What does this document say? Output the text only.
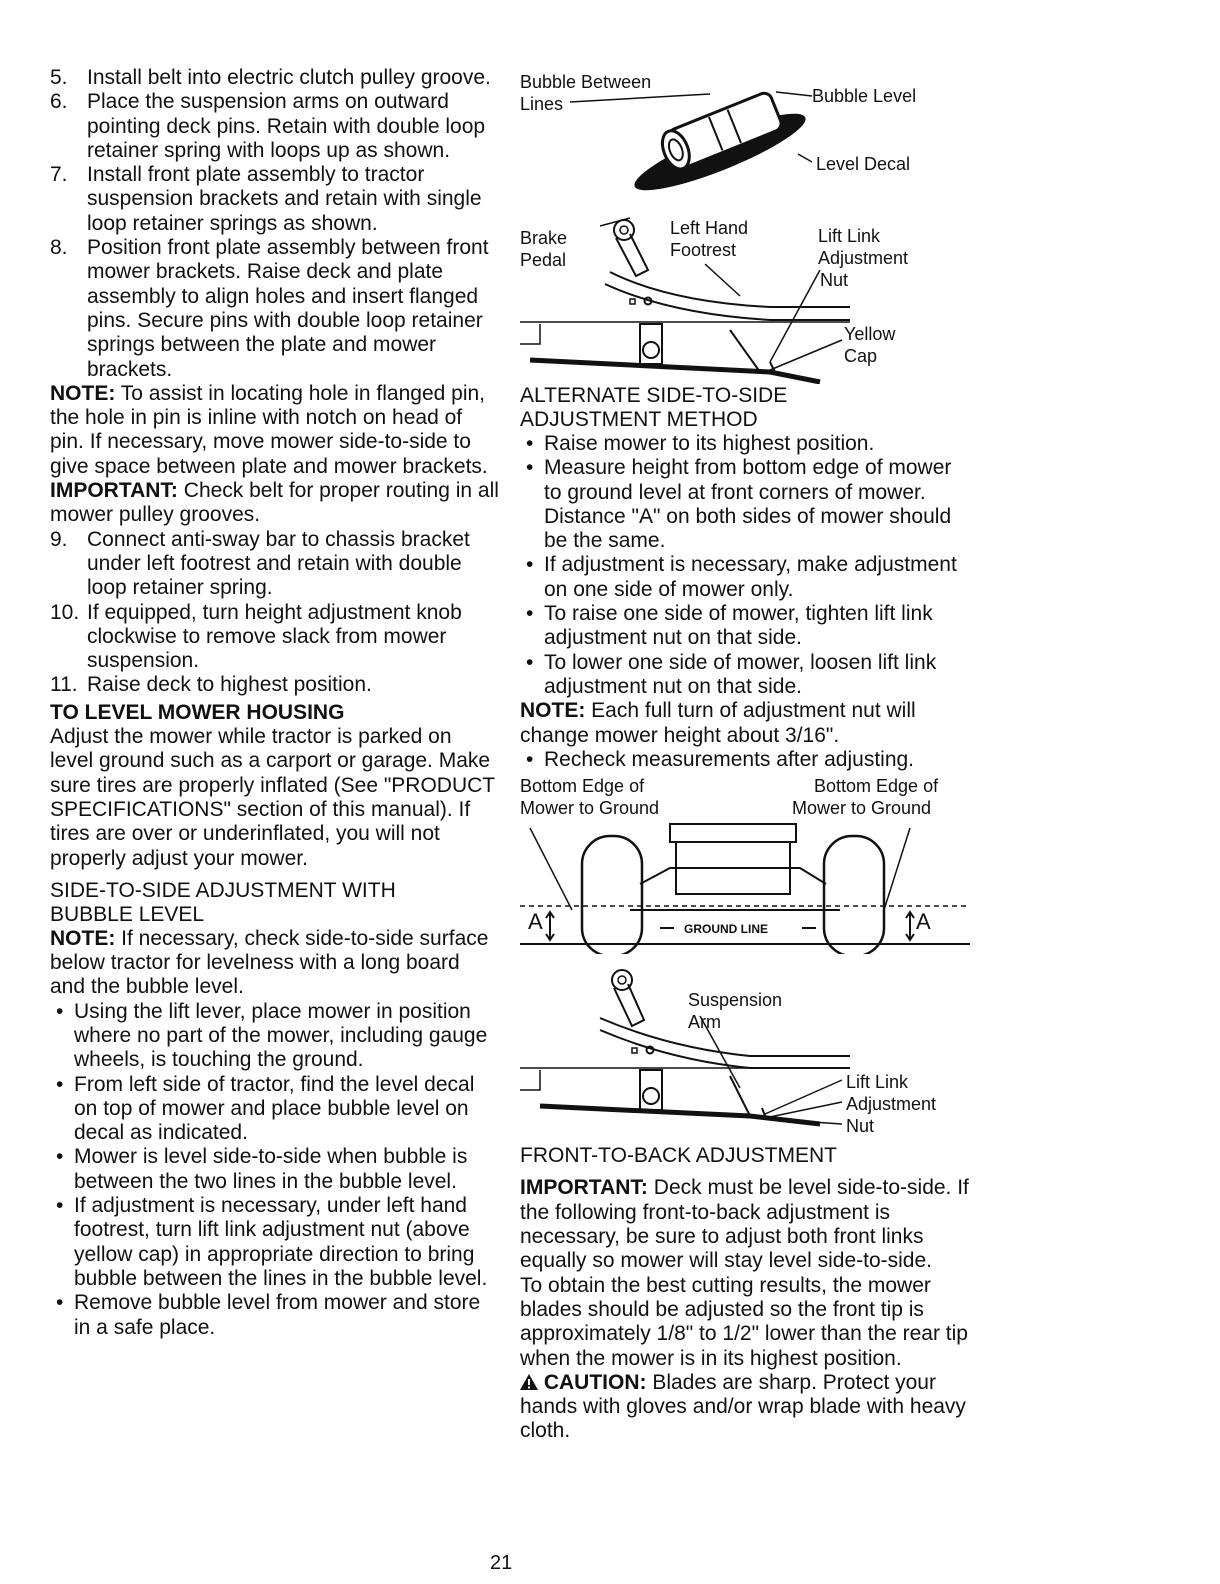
5. Install belt into electric clutch pulley groove.
6. Place the suspension arms on outward pointing deck pins. Retain with double loop retainer spring with loops up as shown.
7. Install front plate assembly to tractor suspension brackets and retain with single loop retainer springs as shown.
8. Position front plate assembly between front mower brackets. Raise deck and plate assembly to align holes and insert flanged pins. Secure pins with double loop retainer springs between the plate and mower brackets.

NOTE: To assist in locating hole in flanged pin, the hole in pin is inline with notch on head of pin. If necessary, move mower side-to-side to give space between plate and mower brackets.

IMPORTANT: Check belt for proper routing in all mower pulley grooves.

9. Connect anti-sway bar to chassis bracket under left footrest and retain with double loop retainer spring.
10. If equipped, turn height adjustment knob clockwise to remove slack from mower suspension.
11. Raise deck to highest position.
TO LEVEL MOWER HOUSING

Adjust the mower while tractor is parked on level ground such as a carport or garage. Make sure tires are properly inflated (See "PRODUCT SPECIFICATIONS" section of this manual). If tires are over or underinflated, you will not properly adjust your mower.

SIDE-TO-SIDE ADJUSTMENT WITH
BUBBLE LEVEL

NOTE: If necessary, check side-to-side surface below tractor for levelness with a long board and the bubble level.

• Using the lift lever, place mower in position where no part of the mower, including gauge wheels, is touching the ground.
• From left side of tractor, find the level decal on top of mower and place bubble level on decal as indicated.
• Mower is level side-to-side when bubble is between the two lines in the bubble level.
• If adjustment is necessary, under left hand footrest, turn lift link adjustment nut (above yellow cap) in appropriate direction to bring bubble between the lines in the bubble level.
• Remove bubble level from mower and store in a safe place.
Bubble Between
Lines	Bubble Level
Level Decal
Brake
Pedal
Left Hand
Footrest
Lift Link
Adjustment
Nut
Yellow
Cap
ALTERNATE SIDE-TO-SIDE
ADJUSTMENT METHOD
• Raise mower to its highest position.
• Measure height from bottom edge of mower to ground level at front corners of mower. Distance "A" on both sides of mower should be the same.
• If adjustment is necessary, make adjustment on one side of mower only.
• To raise one side of mower, tighten lift link adjustment nut on that side.
• To lower one side of mower, loosen lift link adjustment nut on that side.

NOTE: Each full turn of adjustment nut will change mower height about 3/16".

• Recheck measurements after adjusting.
Bottom Edge of
Mower to Ground
Bottom Edge of
Mower to Ground
A	A
GROUND LINE
Suspension
Arm
Lift Link
Adjustment
Nut
FRONT-TO-BACK ADJUSTMENT

IMPORTANT: Deck must be level side-to-side. If the following front-to-back adjustment is necessary, be sure to adjust both front links equally so mower will stay level side-to-side.

To obtain the best cutting results, the mower blades should be adjusted so the front tip is approximately 1/8" to 1/2" lower than the rear tip when the mower is in its highest position.

CAUTION: Blades are sharp. Protect your hands with gloves and/or wrap blade with heavy cloth.

21
